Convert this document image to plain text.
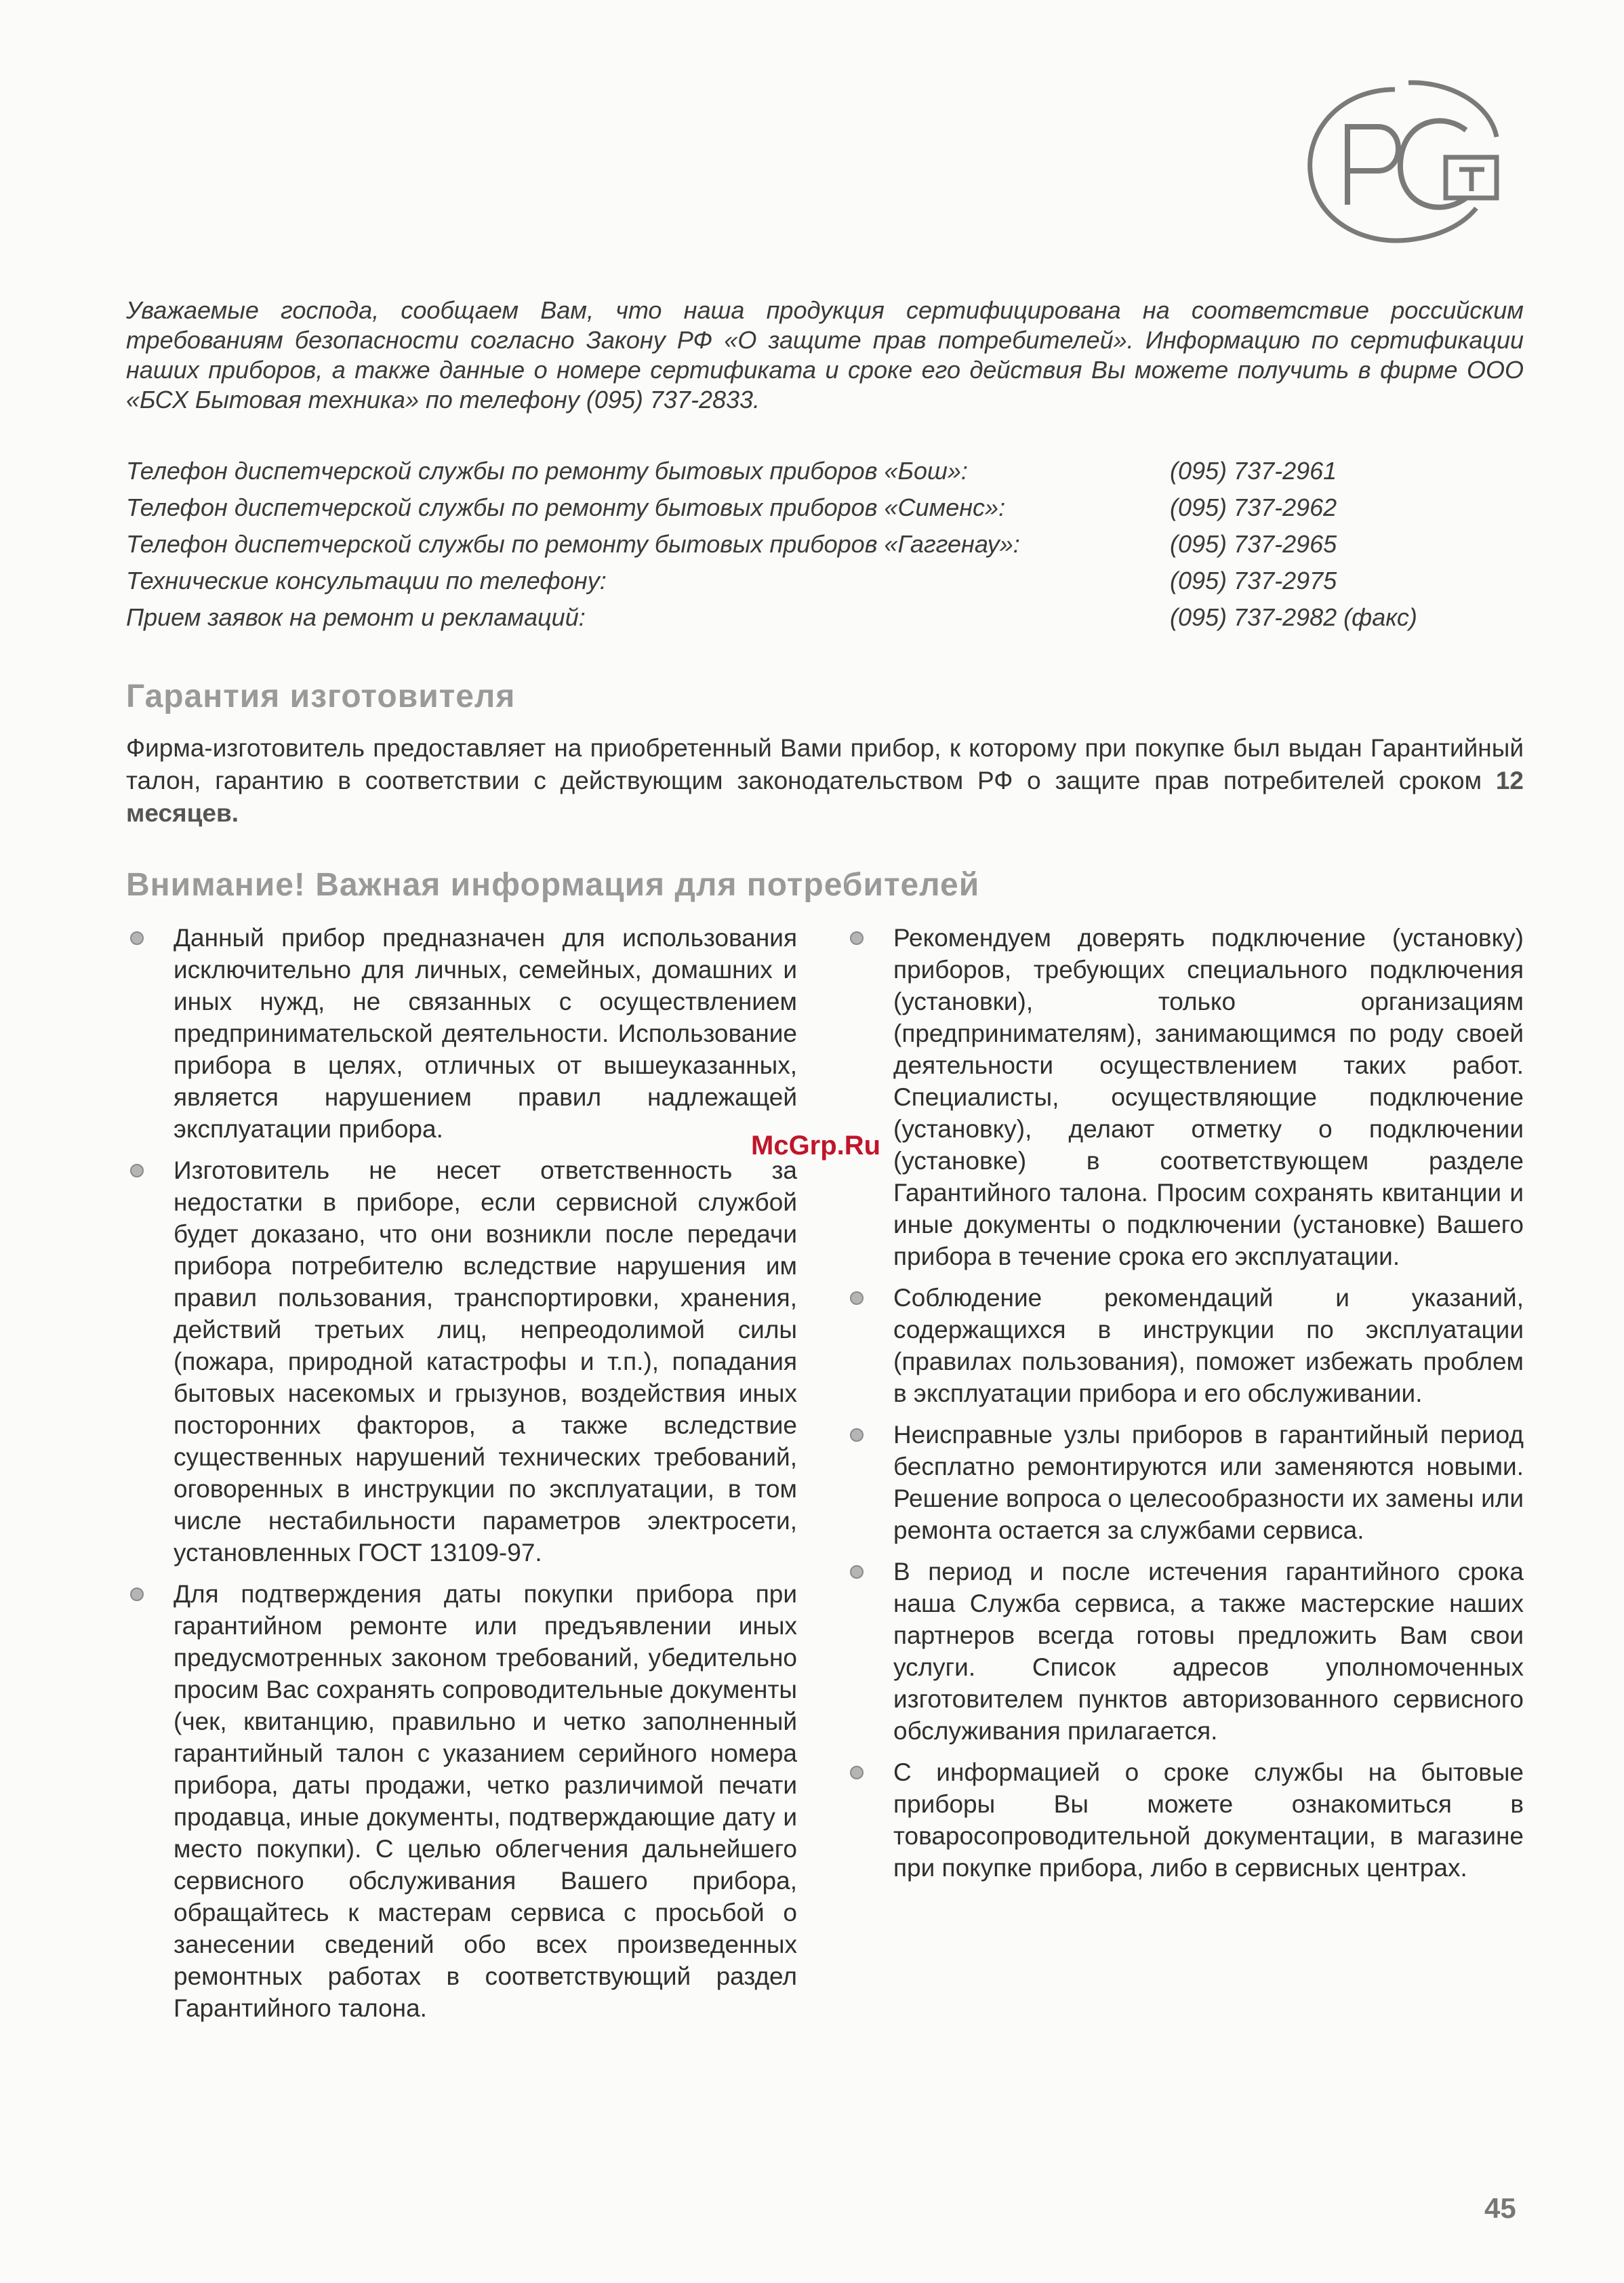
Уважаемые господа, сообщаем Вам, что наша продукция сертифицирована на соответствие российским требованиям безопасности согласно Закону РФ «О защите прав потребителей». Информацию по сертификации наших приборов, а также данные о номере сертификата и сроке его действия Вы можете получить в фирме ООО «БСХ Бытовая техника» по телефону (095) 737-2833.
Телефон диспетчерской службы по ремонту бытовых приборов «Бош»:	(095) 737-2961
Телефон диспетчерской службы по ремонту бытовых приборов «Сименс»:	(095) 737-2962
Телефон диспетчерской службы по ремонту бытовых приборов «Гаггенау»:	(095) 737-2965
Технические консультации по телефону:	(095) 737-2975
Прием заявок на ремонт и рекламаций:	(095) 737-2982 (факс)
Гарантия изготовителя
Фирма-изготовитель предоставляет на приобретенный Вами прибор, к которому при покупке был выдан Гарантийный талон, гарантию в соответствии с действующим законодательством РФ о защите прав потребителей сроком 12 месяцев.
Внимание! Важная информация для потребителей
Данный прибор предназначен для использования исключительно для личных, семейных, домашних и иных нужд, не связанных с осуществлением предпринимательской деятельности. Использование прибора в целях, отличных от вышеуказанных, является нарушением правил надлежащей эксплуатации прибора.
Изготовитель не несет ответственность за недостатки в приборе, если сервисной службой будет доказано, что они возникли после передачи прибора потребителю вследствие нарушения им правил пользования, транспортировки, хранения, действий третьих лиц, непреодолимой силы (пожара, природной катастрофы и т.п.), попадания бытовых насекомых и грызунов, воздействия иных посторонних факторов, а также вследствие существенных нарушений технических требований, оговоренных в инструкции по эксплуатации, в том числе нестабильности параметров электросети, установленных ГОСТ 13109-97.
Для подтверждения даты покупки прибора при гарантийном ремонте или предъявлении иных предусмотренных законом требований, убедительно просим Вас сохранять сопроводительные документы (чек, квитанцию, правильно и четко заполненный гарантийный талон с указанием серийного номера прибора, даты продажи, четко различимой печати продавца, иные документы, подтверждающие дату и место покупки). С целью облегчения дальнейшего сервисного обслуживания Вашего прибора, обращайтесь к мастерам сервиса с просьбой о занесении сведений обо всех произведенных ремонтных работах в соответствующий раздел Гарантийного талона.
Рекомендуем доверять подключение (установку) приборов, требующих специального подключения (установки), только организациям (предпринимателям), занимающимся по роду своей деятельности осуществлением таких работ. Специалисты, осуществляющие подключение (установку), делают отметку о подключении (установке) в соответствующем разделе Гарантийного талона. Просим сохранять квитанции и иные документы о подключении (установке) Вашего прибора в течение срока его эксплуатации.
Соблюдение рекомендаций и указаний, содержащихся в инструкции по эксплуатации (правилах пользования), поможет избежать проблем в эксплуатации прибора и его обслуживании.
Неисправные узлы приборов в гарантийный период бесплатно ремонтируются или заменяются новыми. Решение вопроса о целесообразности их замены или ремонта остается за службами сервиса.
В период и после истечения гарантийного срока наша Служба сервиса, а также мастерские наших партнеров всегда готовы предложить Вам свои услуги. Список адресов уполномоченных изготовителем пунктов авторизованного сервисного обслуживания прилагается.
С информацией о сроке службы на бытовые приборы Вы можете ознакомиться в товаросопроводительной документации, в магазине при покупке прибора, либо в сервисных центрах.
McGrp.Ru
45
